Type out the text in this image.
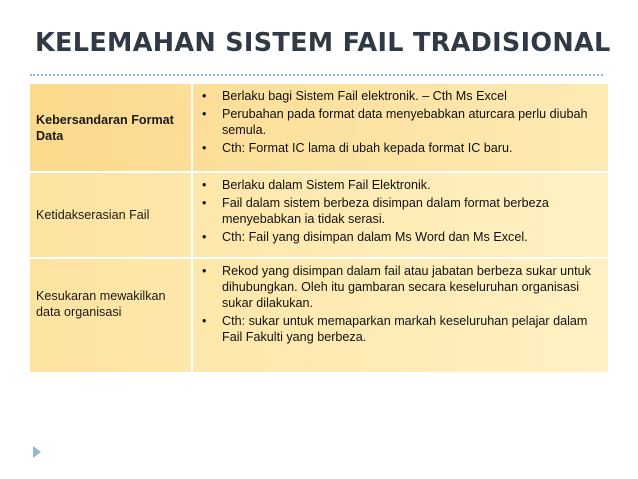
KELEMAHAN SISTEM FAIL TRADISIONAL
Kebersandaran Format Data
• Berlaku bagi Sistem Fail elektronik. – Cth Ms Excel
• Perubahan pada format data menyebabkan aturcara perlu diubah semula.
• Cth: Format IC lama di ubah kepada format IC baru.
Ketidakserasian Fail
• Berlaku dalam Sistem Fail Elektronik.
• Fail dalam sistem berbeza disimpan dalam format berbeza menyebabkan ia tidak serasi.
• Cth: Fail yang disimpan dalam Ms Word dan Ms Excel.
Kesukaran mewakilkan data organisasi
• Rekod yang disimpan dalam fail atau jabatan berbeza sukar untuk dihubungkan. Oleh itu gambaran secara keseluruhan organisasi sukar dilakukan.
• Cth: sukar untuk memaparkan markah keseluruhan pelajar dalam Fail Fakulti yang berbeza.
